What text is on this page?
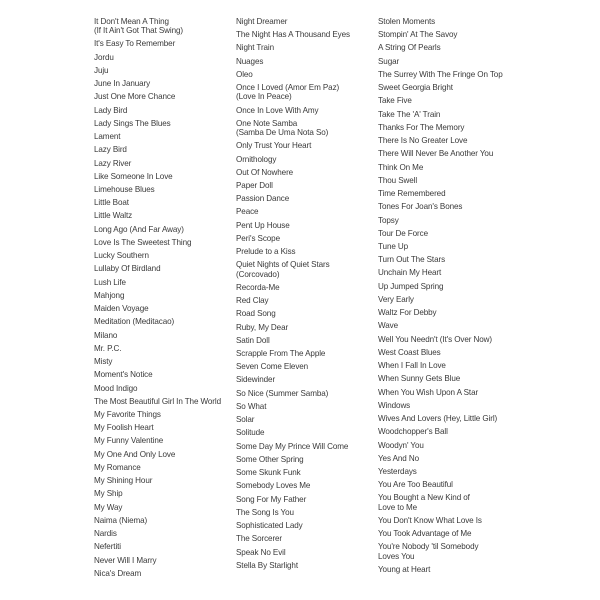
It Don't Mean A Thing
(If It Ain't Got That Swing)
It's Easy To Remember
Jordu
Juju
June In January
Just One More Chance
Lady Bird
Lady Sings The Blues
Lament
Lazy Bird
Lazy River
Like Someone In Love
Limehouse Blues
Little Boat
Little Waltz
Long Ago (And Far Away)
Love Is The Sweetest Thing
Lucky Southern
Lullaby Of Birdland
Lush Life
Mahjong
Maiden Voyage
Meditation (Meditacao)
Milano
Mr. P.C.
Misty
Moment's Notice
Mood Indigo
The Most Beautiful Girl In The World
My Favorite Things
My Foolish Heart
My Funny Valentine
My One And Only Love
My Romance
My Shining Hour
My Ship
My Way
Naima (Niema)
Nardis
Nefertiti
Never Will I Marry
Nica's Dream
Night Dreamer
The Night Has A Thousand Eyes
Night Train
Nuages
Oleo
Once I Loved (Amor Em Paz)
(Love In Peace)
Once In Love With Amy
One Note Samba
(Samba De Uma Nota So)
Only Trust Your Heart
Ornithology
Out Of Nowhere
Paper Doll
Passion Dance
Peace
Pent Up House
Peri's Scope
Prelude to a Kiss
Quiet Nights of Quiet Stars
(Corcovado)
Recorda-Me
Red Clay
Road Song
Ruby, My Dear
Satin Doll
Scrapple From The Apple
Seven Come Eleven
Sidewinder
So Nice (Summer Samba)
So What
Solar
Solitude
Some Day My Prince Will Come
Some Other Spring
Some Skunk Funk
Somebody Loves Me
Song For My Father
The Song Is You
Sophisticated Lady
The Sorcerer
Speak No Evil
Stella By Starlight
Stolen Moments
Stompin' At The Savoy
A String Of Pearls
Sugar
The Surrey With The Fringe On Top
Sweet Georgia Bright
Take Five
Take The 'A' Train
Thanks For The Memory
There Is No Greater Love
There Will Never Be Another You
Think On Me
Thou Swell
Time Remembered
Tones For Joan's Bones
Topsy
Tour De Force
Tune Up
Turn Out The Stars
Unchain My Heart
Up Jumped Spring
Very Early
Waltz For Debby
Wave
Well You Needn't (It's Over Now)
West Coast Blues
When I Fall In Love
When Sunny Gets Blue
When You Wish Upon A Star
Windows
Wives And Lovers (Hey, Little Girl)
Woodchopper's Ball
Woodyn' You
Yes And No
Yesterdays
You Are Too Beautiful
You Bought a New Kind of
Love to Me
You Don't Know What Love Is
You Took Advantage of Me
You're Nobody 'til Somebody
Loves You
Young at Heart
